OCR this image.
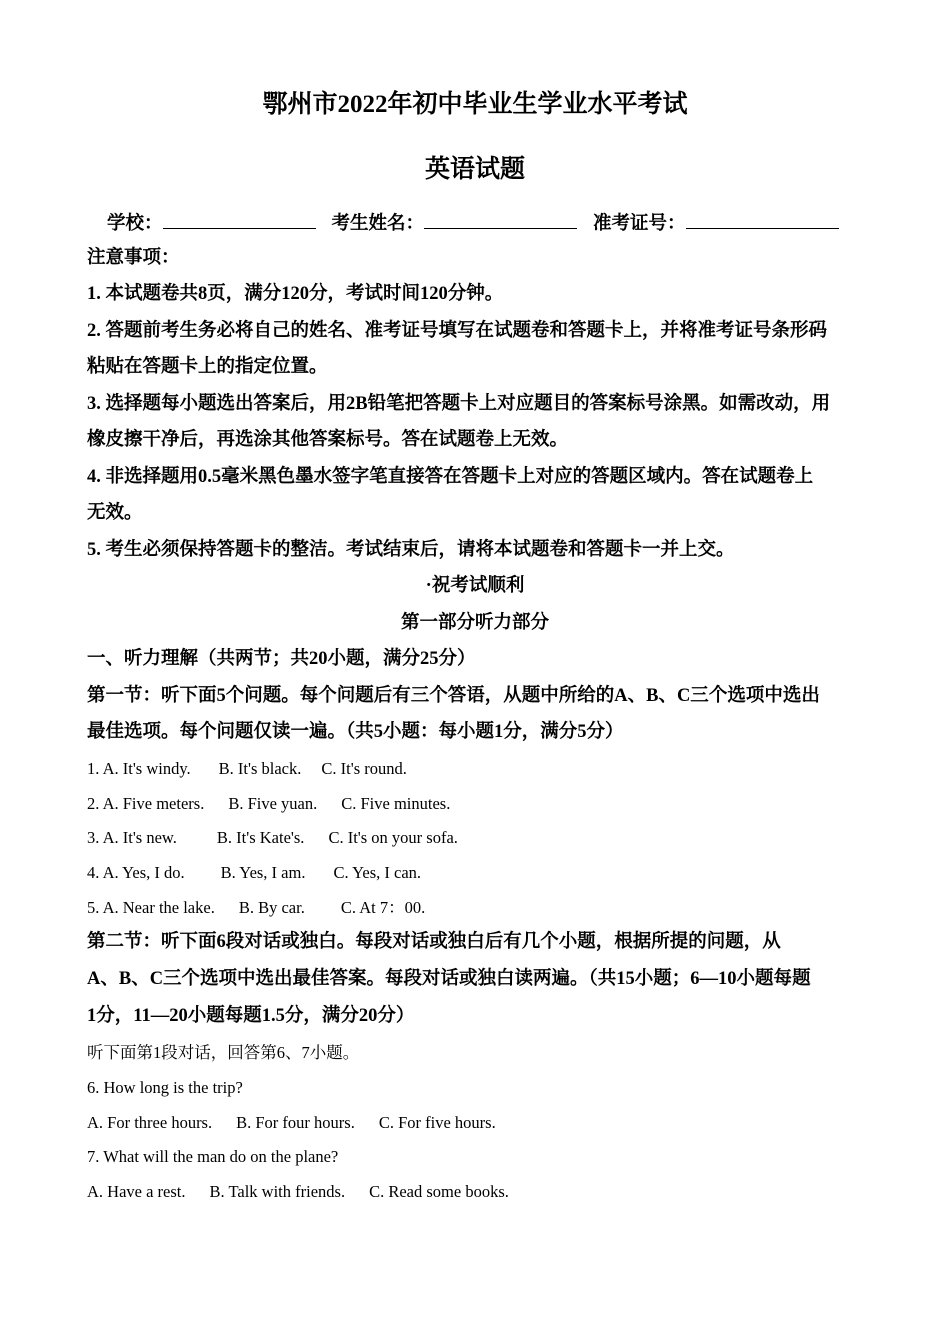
鄂州市2022年初中毕业生学业水平考试
英语试题
学校：	考生姓名：	准考证号：
注意事项：
1. 本试题卷共8页，满分120分，考试时间120分钟。
2. 答题前考生务必将自己的姓名、准考证号填写在试题卷和答题卡上，并将准考证号条形码
粘贴在答题卡上的指定位置。
3. 选择题每小题选出答案后，用2B铅笔把答题卡上对应题目的答案标号涂黑。如需改动，用
橡皮擦干净后，再选涂其他答案标号。答在试题卷上无效。
4. 非选择题用0.5毫米黑色墨水签字笔直接答在答题卡上对应的答题区域内。答在试题卷上
无效。
5. 考生必须保持答题卡的整洁。考试结束后，请将本试题卷和答题卡一并上交。
·祝考试顺利
第一部分听力部分
一、听力理解（共两节；共20小题，满分25分）
第一节：听下面5个问题。每个问题后有三个答语，从题中所给的A、B、C三个选项中选出
最佳选项。每个问题仅读一遍。（共5小题：每小题1分，满分5分）
1. A. It's windy. B. It's black. C. It's round.
2. A. Five meters. B. Five yuan. C. Five minutes.
3. A. It's new. B. It's Kate's. C. It's on your sofa.
4. A. Yes, I do. B. Yes, I am. C. Yes, I can.
5. A. Near the lake. B. By car. C. At 7：00.
第二节：听下面6段对话或独白。每段对话或独白后有几个小题，根据所提的问题，从
A、B、C三个选项中选出最佳答案。每段对话或独白读两遍。（共15小题；6—10小题每题
1分，11—20小题每题1.5分，满分20分）
听下面第1段对话，回答第6、7小题。
6. How long is the trip?
A. For three hours. B. For four hours. C. For five hours.
7. What will the man do on the plane?
A. Have a rest. B. Talk with friends. C. Read some books.
